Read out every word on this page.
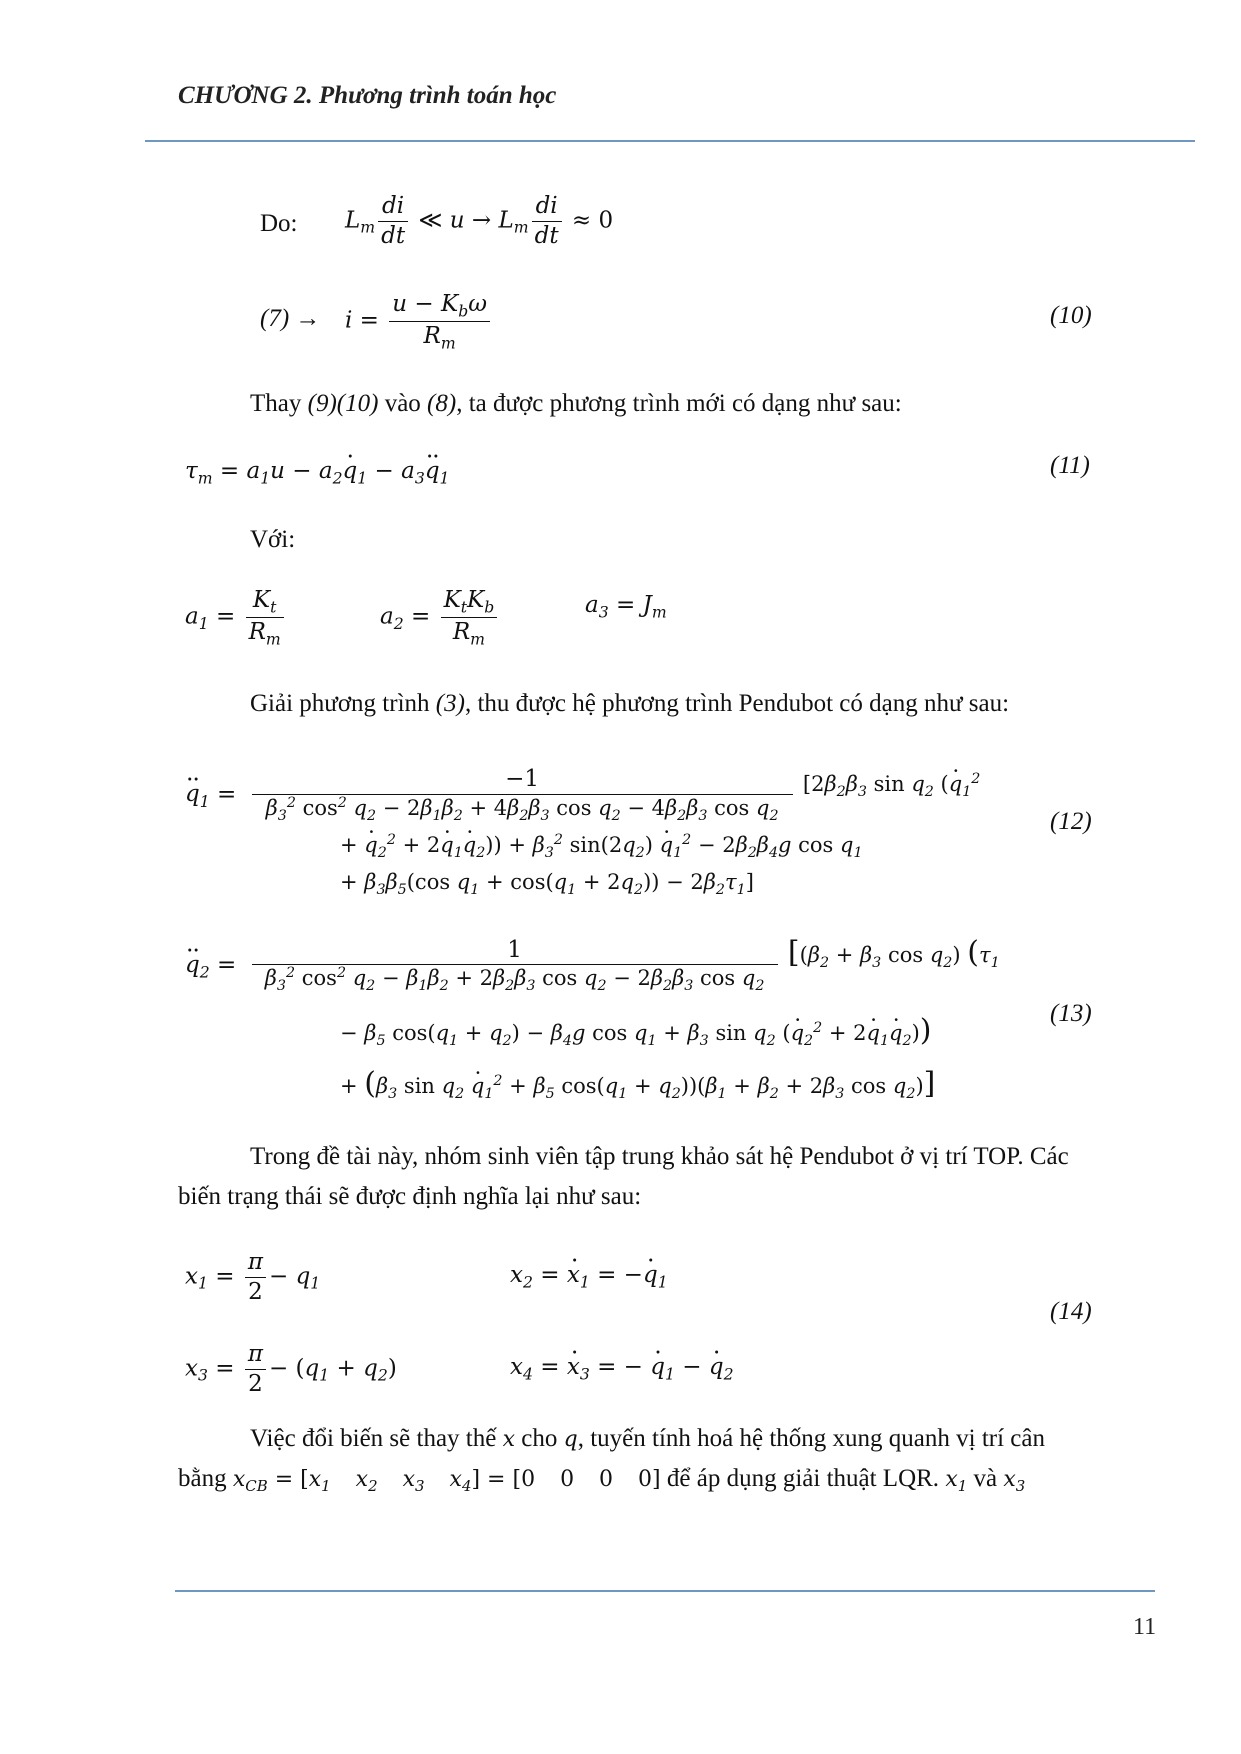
CHƯƠNG 2. Phương trình toán học
Do: $L_m \frac{di}{dt}$ ≪ $u \to L_m \frac{di}{dt} \approx 0$
$(7) \to i = \frac{u - K_b\omega}{R_m}$	(10)
Thay (9)(10) vào (8), ta được phương trình mới có dạng như sau:
$\tau_m = a_1u - a_2q \cdot_1 - a_3q \cdot\cdot_1$	(11)
Với:
$a_1 = \frac{K_t}{R_m}$	$a_2 = \frac{K_tK_b}{R_m}$	$a_3 = J_m$
Giải phương trình (3), thu được hệ phương trình Pendubot có dạng như sau:
$q \cdot\cdot_1 = \frac{-1}{\beta_3^2 \cos^2 q_2 - 2\beta_1\beta_2 + 4\beta_2\beta_3 \cos q_2 - 4\beta_2\beta_3 \cos q_2} [2\beta_2\beta_3$ $\sin q_2$ ($q \cdot_1^2$
+ $q \cdot_2^2 + 2q \cdot_1q \cdot_2)) + \beta_3^2$ $\sin(2q_2)$ $q \cdot_1^2 - 2\beta_2\beta_4g$ $\cos q_1$
+ $\beta_3\beta_5(\cos$ $q_1 + \cos(q_1 + 2q_2)) - 2\beta_2\tau_1$]
(12)
$q \cdot\cdot_2 = \frac{1}{\beta_3^2 \cos^2 q_2 - \beta_1\beta_2 + 2\beta_2\beta_3 \cos q_2 - 2\beta_2\beta_3 \cos q_2} [(\beta_2 + \beta_3$ $\cos q_2$) ($\tau_1$
− $\beta_5$ $\cos(q_1 + q_2) - \beta_4g$ $\cos q_1 + \beta_3$ $\sin q_2$ $(q \cdot_2^2 + 2q \cdot_1q \cdot_2)$)
+ ($\beta_3$ $\sin q_2$ $q \cdot_1^2 + \beta_5$ $\cos(q_1 + q_2))(\beta_1 + \beta_2 + 2\beta_3$ $\cos q_2$)]
(13)
Trong đề tài này, nhóm sinh viên tập trung khảo sát hệ Pendubot ở vị trí TOP. Các
biến trạng thái sẽ được định nghĩa lại như sau:
$x_1 = \frac{\pi}{2} - q_1$	$x_2 = x \cdot_1 = -q \cdot_1$
(14)
$x_3 = \frac{\pi}{2} - (q_1 + q_2)$	$x_4 = x \cdot_3$ = − $q \cdot_1 - q \cdot_2$
Việc đổi biến sẽ thay thế x cho q, tuyến tính hoá hệ thống xung quanh vị trí cân
bằng $x_{CB} = [x_1$ $x_2$ $x_3$ $x_4] = [0$ 0 0 0] để áp dụng giải thuật LQR. $x_1$ và $x_3$
11
